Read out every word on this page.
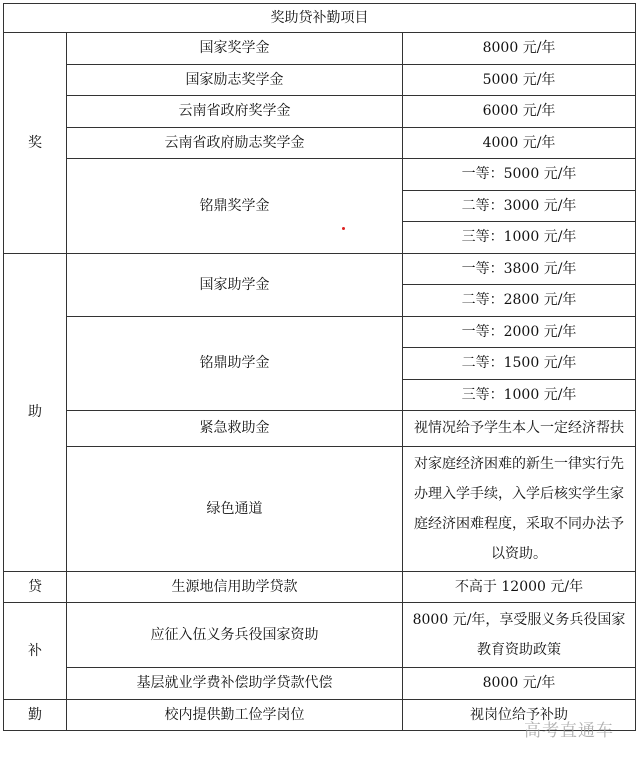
奖助贷补勤项目		
奖	国家奖学金	8000 元/年
	国家励志奖学金	5000 元/年
	云南省政府奖学金	6000 元/年
	云南省政府励志奖学金	4000 元/年
	铭鼎奖学金	一等：5000 元/年
		二等：3000 元/年
		三等：1000 元/年
助	国家助学金	一等：3800 元/年
		二等：2800 元/年
	铭鼎助学金	一等：2000 元/年
		二等：1500 元/年
		三等：1000 元/年
	紧急救助金	视情况给予学生本人一定经济帮扶
	绿色通道	对家庭经济困难的新生一律实行先办理入学手续，入学后核实学生家庭经济困难程度，采取不同办法予以资助。
贷	生源地信用助学贷款	不高于 12000 元/年
补	应征入伍义务兵役国家资助	8000 元/年，享受服义务兵役国家教育资助政策
	基层就业学费补偿助学贷款代偿	8000 元/年
勤	校内提供勤工俭学岗位	视岗位给予补助
高考直通车
